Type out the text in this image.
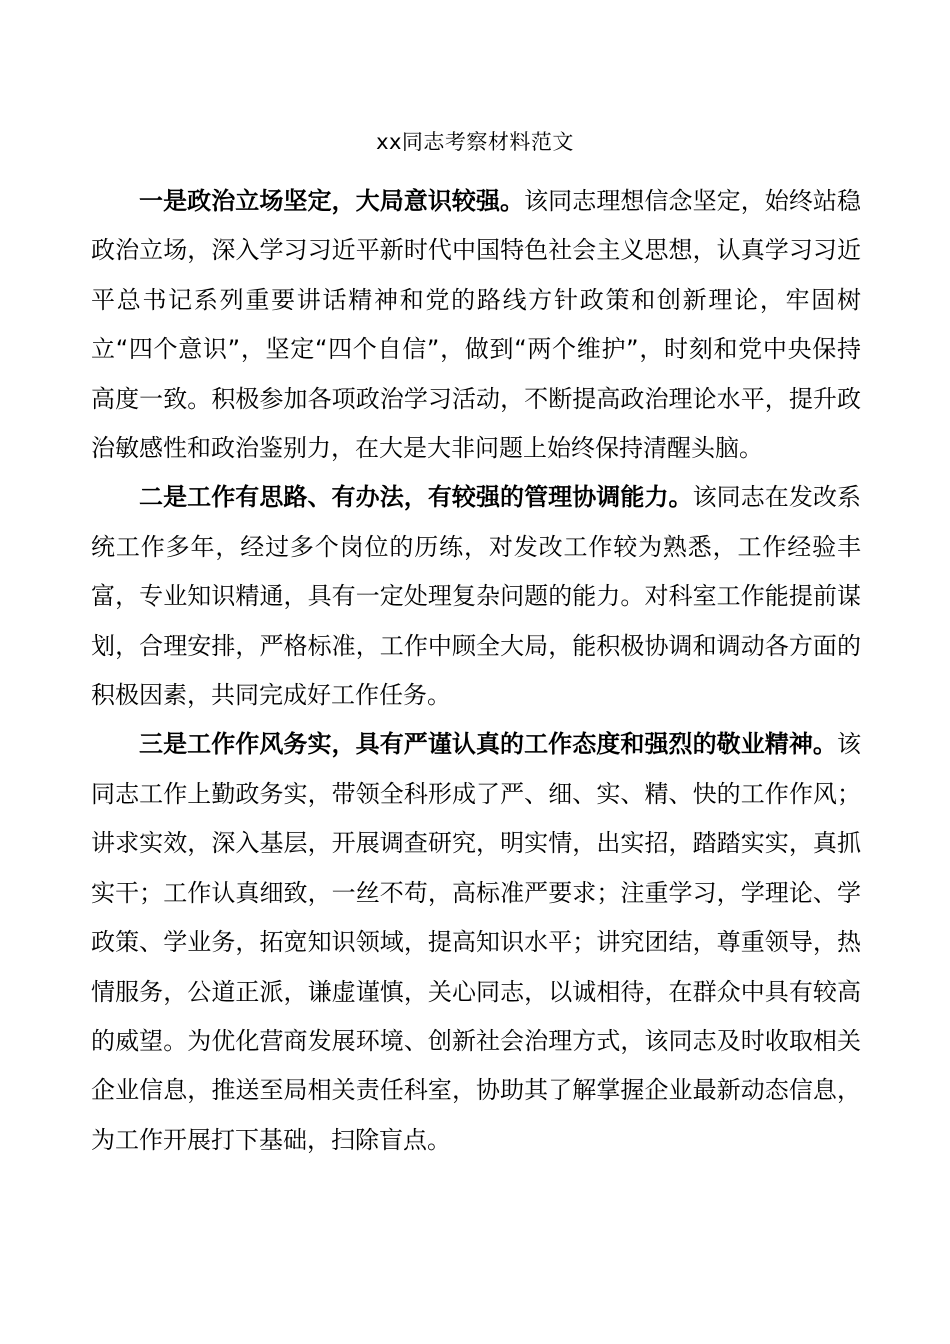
xx同志考察材料范文

一是政治立场坚定，大局意识较强。该同志理想信念坚定，始终站稳政治立场，深入学习习近平新时代中国特色社会主义思想，认真学习习近平总书记系列重要讲话精神和党的路线方针政策和创新理论，牢固树立“四个意识”，坚定“四个自信”，做到“两个维护”，时刻和党中央保持高度一致。积极参加各项政治学习活动，不断提高政治理论水平，提升政治敏感性和政治鉴别力，在大是大非问题上始终保持清醒头脑。

二是工作有思路、有办法，有较强的管理协调能力。该同志在发改系统工作多年，经过多个岗位的历练，对发改工作较为熟悉，工作经验丰富，专业知识精通，具有一定处理复杂问题的能力。对科室工作能提前谋划，合理安排，严格标准，工作中顾全大局，能积极协调和调动各方面的积极因素，共同完成好工作任务。

三是工作作风务实，具有严谨认真的工作态度和强烈的敬业精神。该同志工作上勤政务实，带领全科形成了严、细、实、精、快的工作作风；讲求实效，深入基层，开展调查研究，明实情，出实招，踏踏实实，真抓实干；工作认真细致，一丝不苟，高标准严要求；注重学习，学理论、学政策、学业务，拓宽知识领域，提高知识水平；讲究团结，尊重领导，热情服务，公道正派，谦虚谨慎，关心同志，以诚相待，在群众中具有较高的威望。为优化营商发展环境、创新社会治理方式，该同志及时收取相关企业信息，推送至局相关责任科室，协助其了解掌握企业最新动态信息，为工作开展打下基础，扫除盲点。
